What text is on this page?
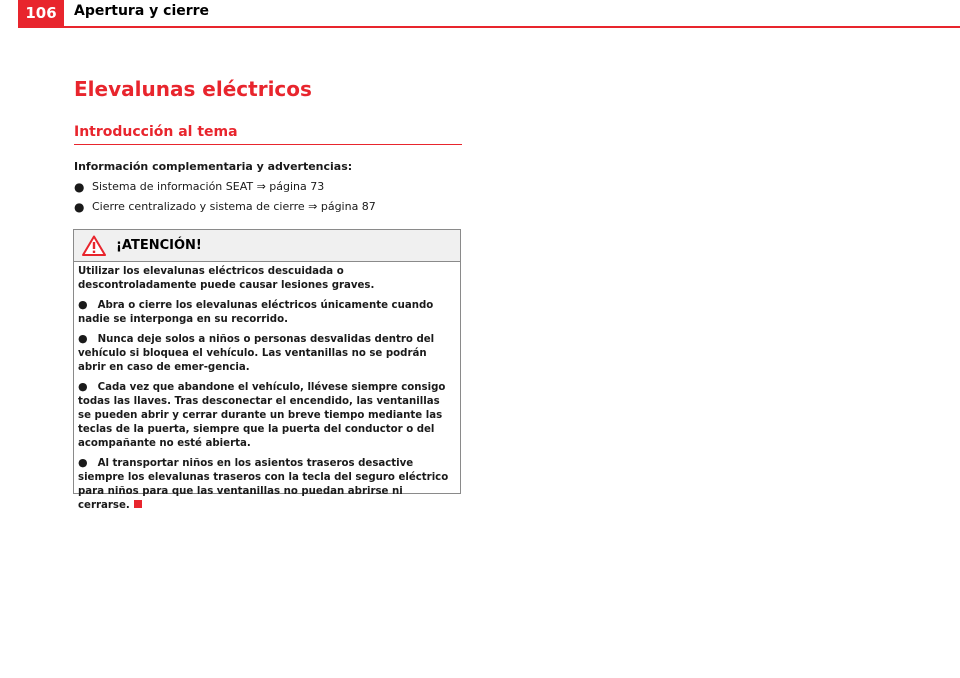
106	Apertura y cierre
Elevalunas eléctricos
Introducción al tema
Información complementaria y advertencias:
● Sistema de información SEAT ⇒ página 73
● Cierre centralizado y sistema de cierre ⇒ página 87
¡ATENCIÓN!

Utilizar los elevalunas eléctricos descuidada o descontroladamente puede causar lesiones graves.

● Abra o cierre los elevalunas eléctricos únicamente cuando nadie se interponga en su recorrido.

● Nunca deje solos a niños o personas desvalidas dentro del vehículo si bloquea el vehículo. Las ventanillas no se podrán abrir en caso de emer-gencia.

● Cada vez que abandone el vehículo, llévese siempre consigo todas las llaves. Tras desconectar el encendido, las ventanillas se pueden abrir y cerrar durante un breve tiempo mediante las teclas de la puerta, siempre que la puerta del conductor o del acompañante no esté abierta.

● Al transportar niños en los asientos traseros desactive siempre los elevalunas traseros con la tecla del seguro eléctrico para niños para que las ventanillas no puedan abrirse ni cerrarse.
